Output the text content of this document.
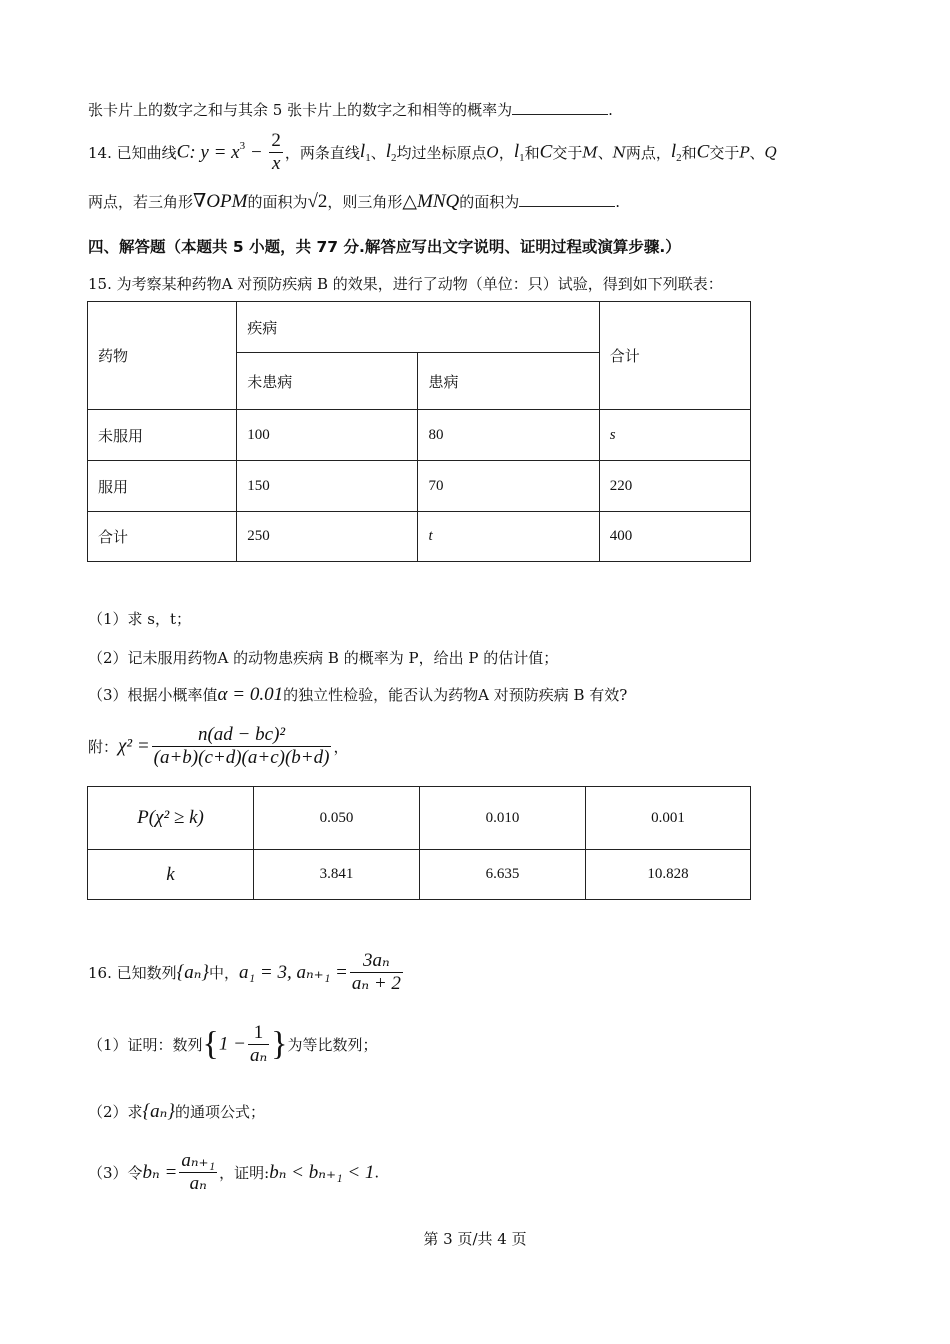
张卡片上的数字之和与其余 5 张卡片上的数字之和相等的概率为	.
14. 已知曲线C: $y = x^3 - \frac{2}{x}$ ，两条直线$l_1$、$l_2$均过坐标原点O，$l_1$和C交于M、N两点，$l_2$和C交于P、Q
两点，若三角形∇OPM的面积为√2，则三角形△MNQ的面积为	.
四、解答题（本题共 5 小题，共 77 分.解答应写出文字说明、证明过程或演算步骤.）
15. 为考察某种药物A 对预防疾病 B 的效果，进行了动物（单位：只）试验，得到如下列联表：
药物	疾病		合计
	未患病	患病	
未服用	100	80	s
服用	150	70	220
合计	250	t	400
（1）求 s，t；
（2）记未服用药物A 的动物患疾病 B 的概率为 P，给出 P 的估计值；
（3）根据小概率值α = 0.01的独立性检验，能否认为药物A 对预防疾病 B 有效?
附：$\chi^2 = \frac{\text{n(ad − bc)²}}{(a+b)(c+d)(a+c)(b+d)}$ ，
P(χ² ≥ k)	0.050	0.010	0.001
k	3.841	6.635	10.828
16. 已知数列{aₙ}中，a₁ = 3, $a_{n+1} = \frac{\text{3aₙ}}{\text{aₙ + 2}}$
（1）证明：数列{$1 - \frac{1}{\text{aₙ}}$ }为等比数列；
（2）求{aₙ}的通项公式；
（3）令$b_n = \frac{\text{aₙ₊₁}}{\text{aₙ}}$ ，证明:bₙ < bₙ₊₁ < 1.
第 3 页/共 4 页
